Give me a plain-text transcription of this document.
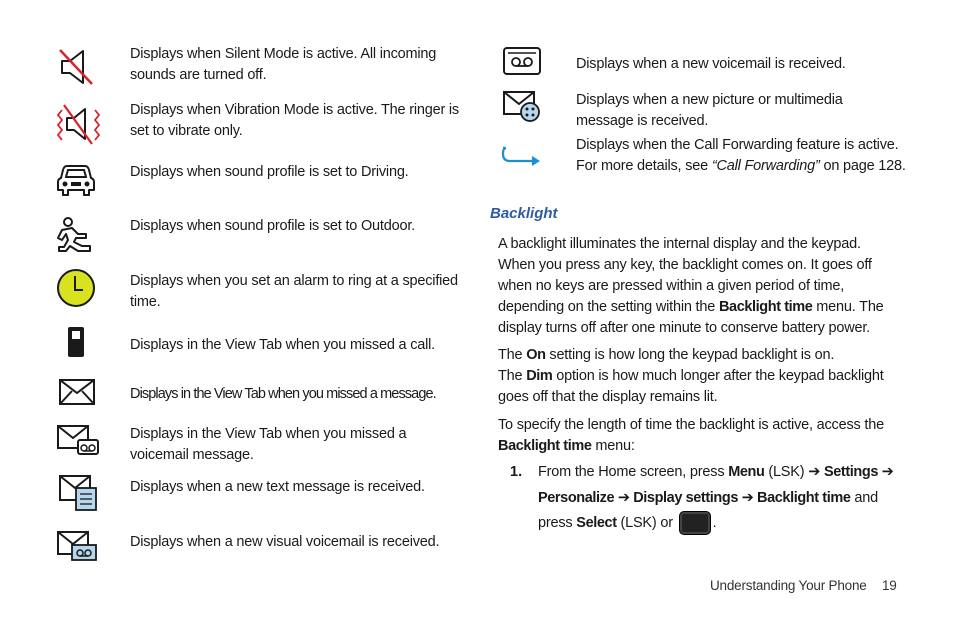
Displays when Silent Mode is active. All incoming
sounds are turned off.
Displays when Vibration Mode is active. The ringer is
set to vibrate only.
Displays when sound profile is set to Driving.
Displays when sound profile is set to Outdoor.
Displays when you set an alarm to ring at a specified
time.
Displays in the View Tab when you missed a call.
Displays in the View Tab when you missed a message.
Displays in the View Tab when you missed a
voicemail message.
Displays when a new text message is received.
Displays when a new visual voicemail is received.
Displays when a new voicemail is received.
Displays when a new picture or multimedia
message is received.
Displays when the Call Forwarding feature is active.
For more details, see “Call Forwarding” on page 128.
Backlight
A backlight illuminates the internal display and the keypad. When you press any key, the backlight comes on. It goes off when no keys are pressed within a given period of time, depending on the setting within the Backlight time menu. The display turns off after one minute to conserve battery power.
The On setting is how long the keypad backlight is on.
The Dim option is how much longer after the keypad backlight goes off that the display remains lit.
To specify the length of time the backlight is active, access the Backlight time menu:
1. From the Home screen, press Menu (LSK) ➔ Settings ➔ Personalize ➔ Display settings ➔ Backlight time and press Select (LSK) or .
Understanding Your Phone 19
